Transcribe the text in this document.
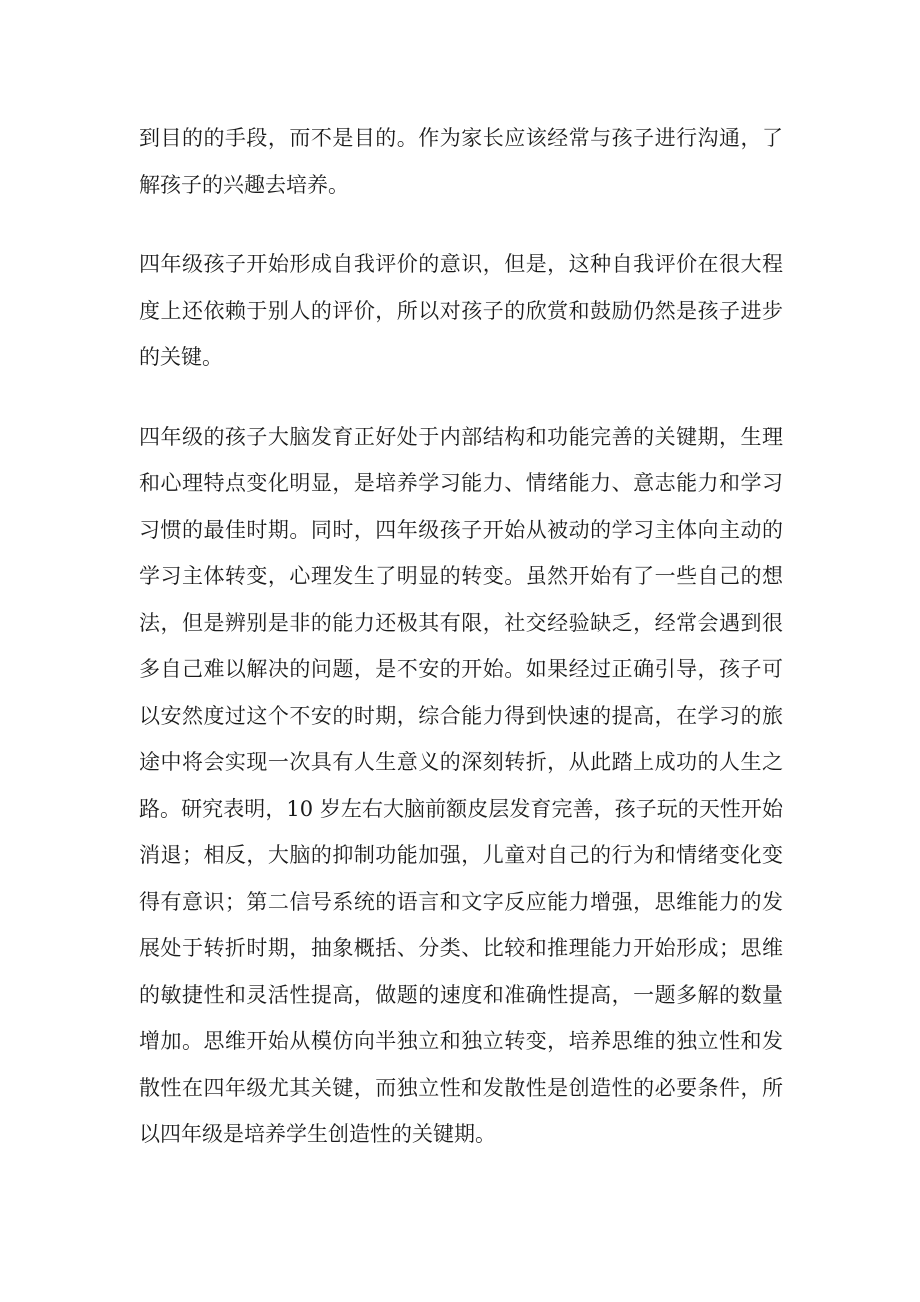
到目的的手段，而不是目的。作为家长应该经常与孩子进行沟通，了解孩子的兴趣去培养。

四年级孩子开始形成自我评价的意识，但是，这种自我评价在很大程度上还依赖于别人的评价，所以对孩子的欣赏和鼓励仍然是孩子进步的关键。

四年级的孩子大脑发育正好处于内部结构和功能完善的关键期，生理和心理特点变化明显，是培养学习能力、情绪能力、意志能力和学习习惯的最佳时期。同时，四年级孩子开始从被动的学习主体向主动的学习主体转变，心理发生了明显的转变。虽然开始有了一些自己的想法，但是辨别是非的能力还极其有限，社交经验缺乏，经常会遇到很多自己难以解决的问题，是不安的开始。如果经过正确引导，孩子可以安然度过这个不安的时期，综合能力得到快速的提高，在学习的旅途中将会实现一次具有人生意义的深刻转折，从此踏上成功的人生之路。研究表明，10 岁左右大脑前额皮层发育完善，孩子玩的天性开始消退；相反，大脑的抑制功能加强，儿童对自己的行为和情绪变化变得有意识；第二信号系统的语言和文字反应能力增强，思维能力的发展处于转折时期，抽象概括、分类、比较和推理能力开始形成；思维的敏捷性和灵活性提高，做题的速度和准确性提高，一题多解的数量增加。思维开始从模仿向半独立和独立转变，培养思维的独立性和发散性在四年级尤其关键，而独立性和发散性是创造性的必要条件，所以四年级是培养学生创造性的关键期。
